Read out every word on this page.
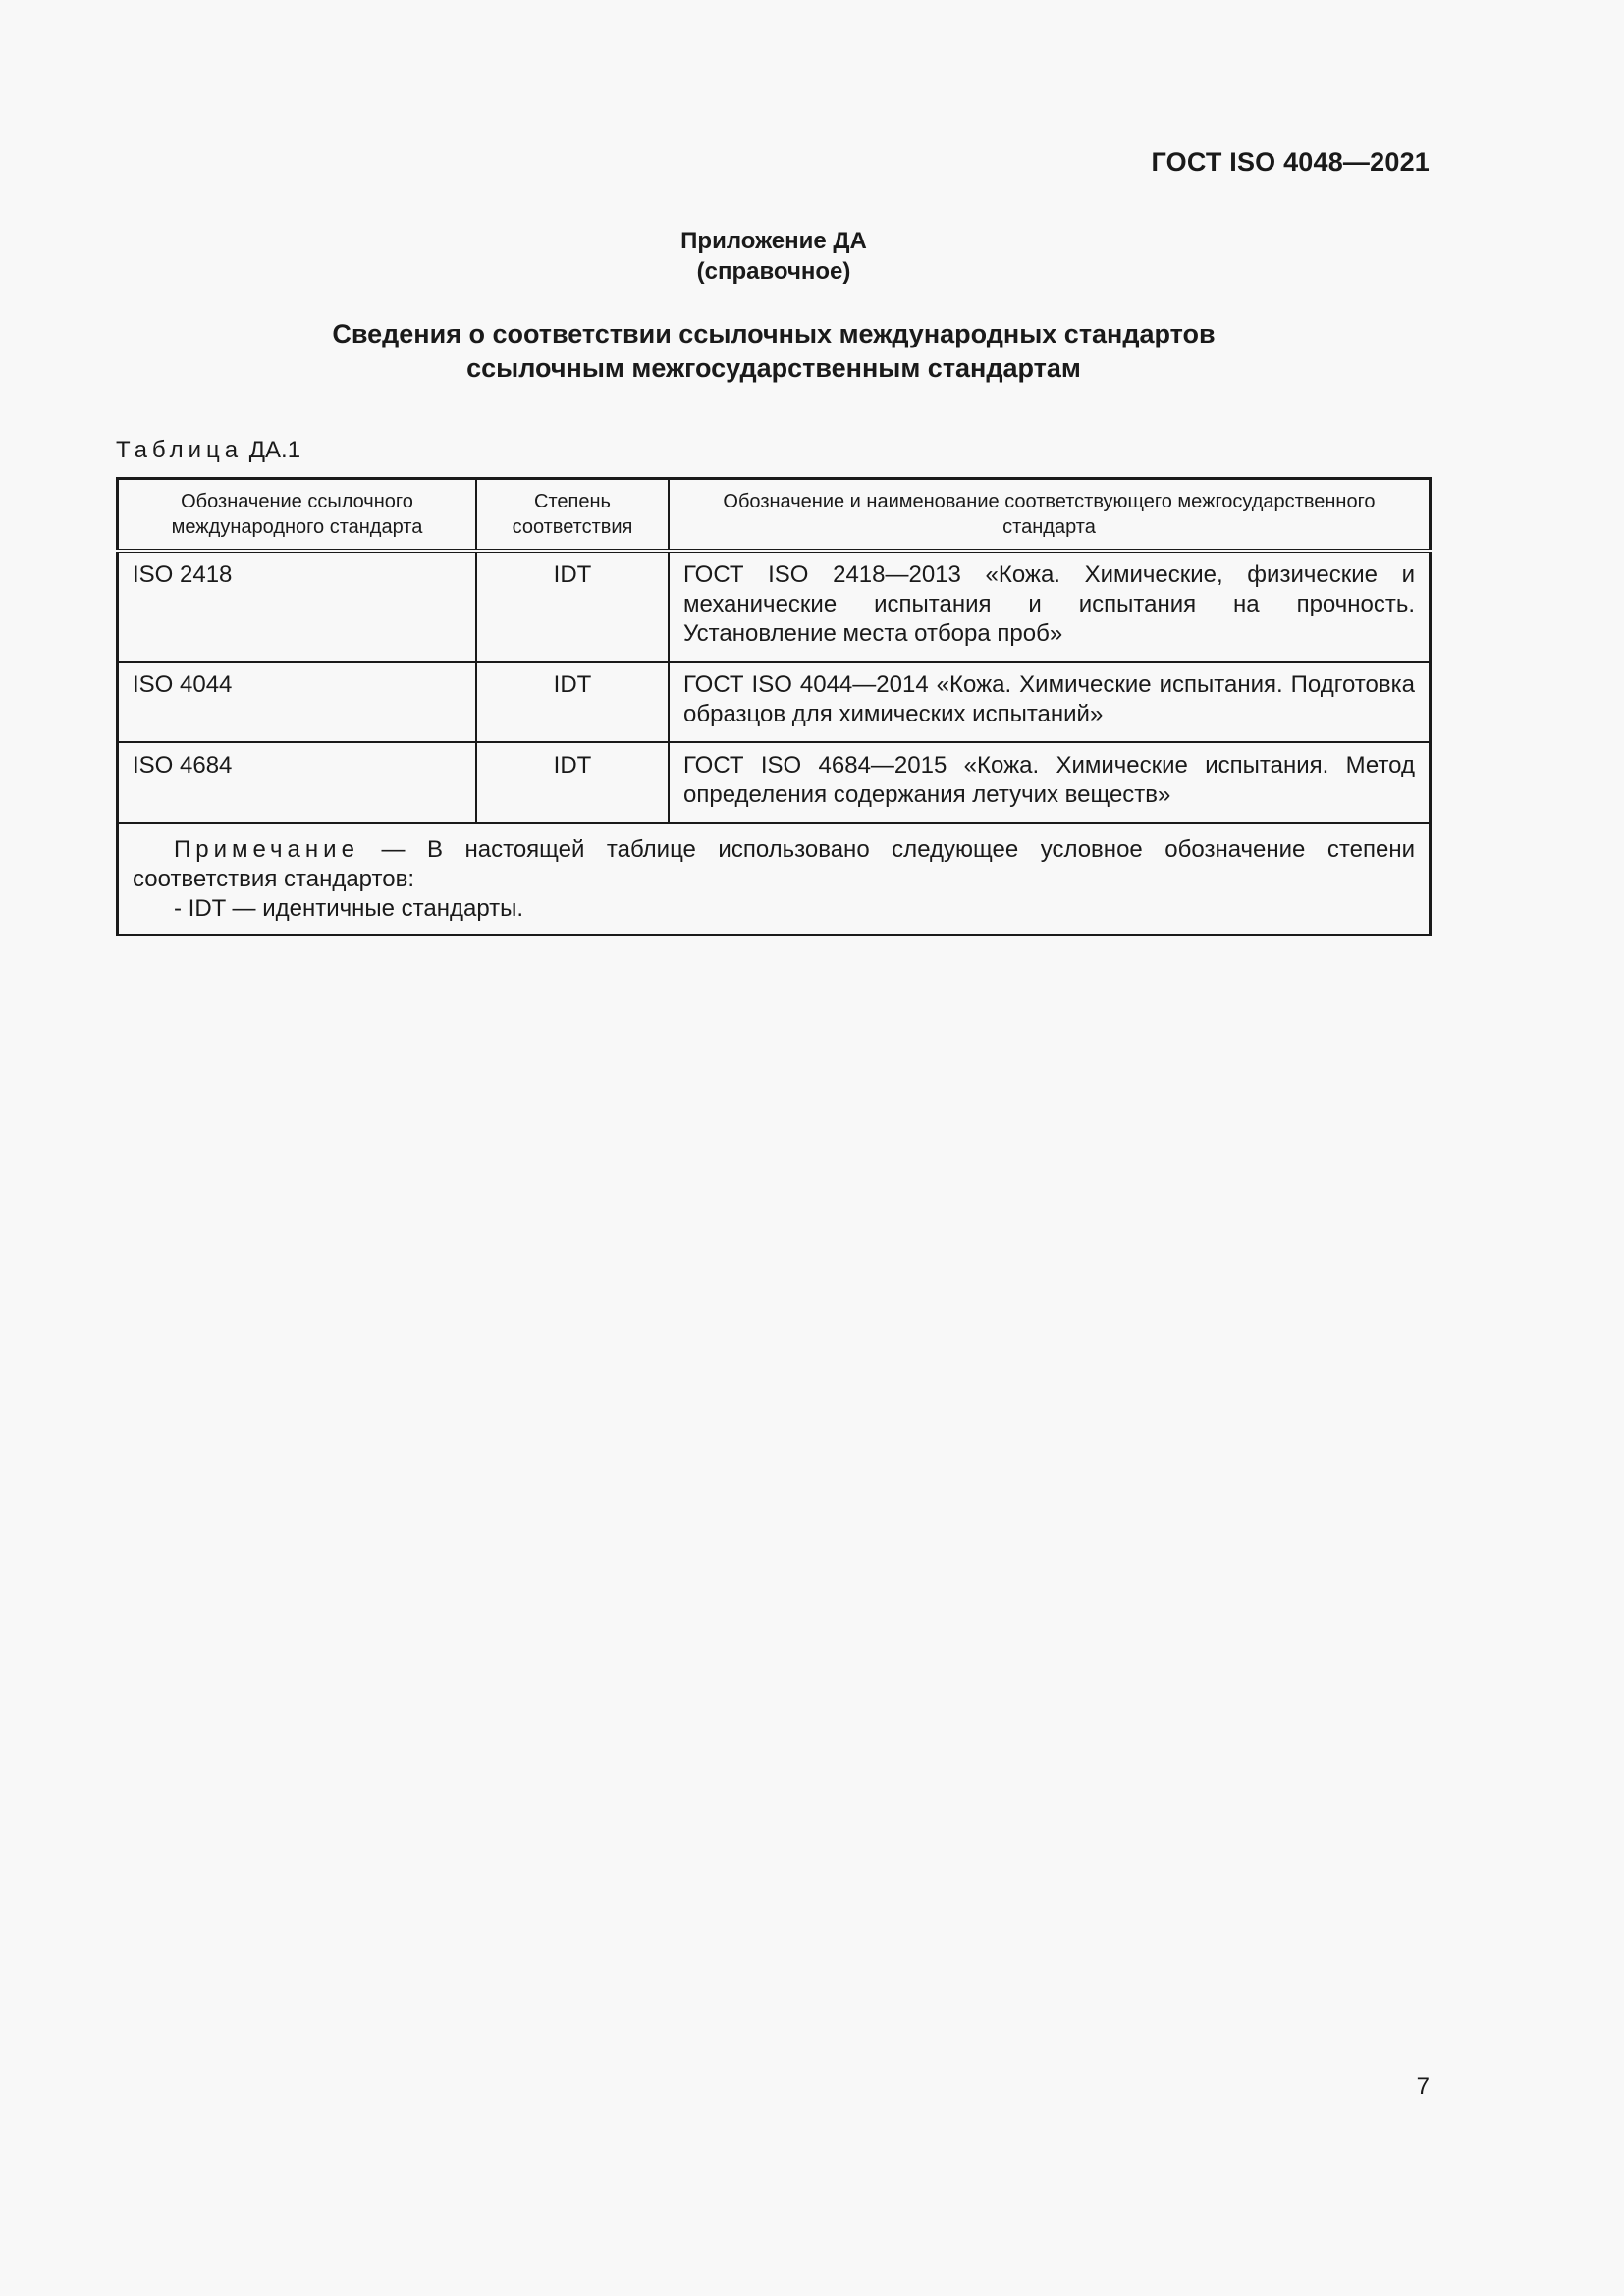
ГОСТ ISO 4048—2021
Приложение ДА
(справочное)
Сведения о соответствии ссылочных международных стандартов
ссылочным межгосударственным стандартам
Таблица ДА.1
Обозначение ссылочного международного стандарта	Степень соответствия	Обозначение и наименование соответствующего межгосударственного стандарта
ISO 2418	IDT	ГОСТ ISO 2418—2013 «Кожа. Химические, физические и механические испытания и испытания на прочность. Установление места отбора проб»
ISO 4044	IDT	ГОСТ ISO 4044—2014 «Кожа. Химические испытания. Подготовка образцов для химических испытаний»
ISO 4684	IDT	ГОСТ ISO 4684—2015 «Кожа. Химические испытания. Метод определения содержания летучих веществ»

Примечание — В настоящей таблице использовано следующее условное обозначение степени соответствия стандартов:
- IDT — идентичные стандарты.		
7
